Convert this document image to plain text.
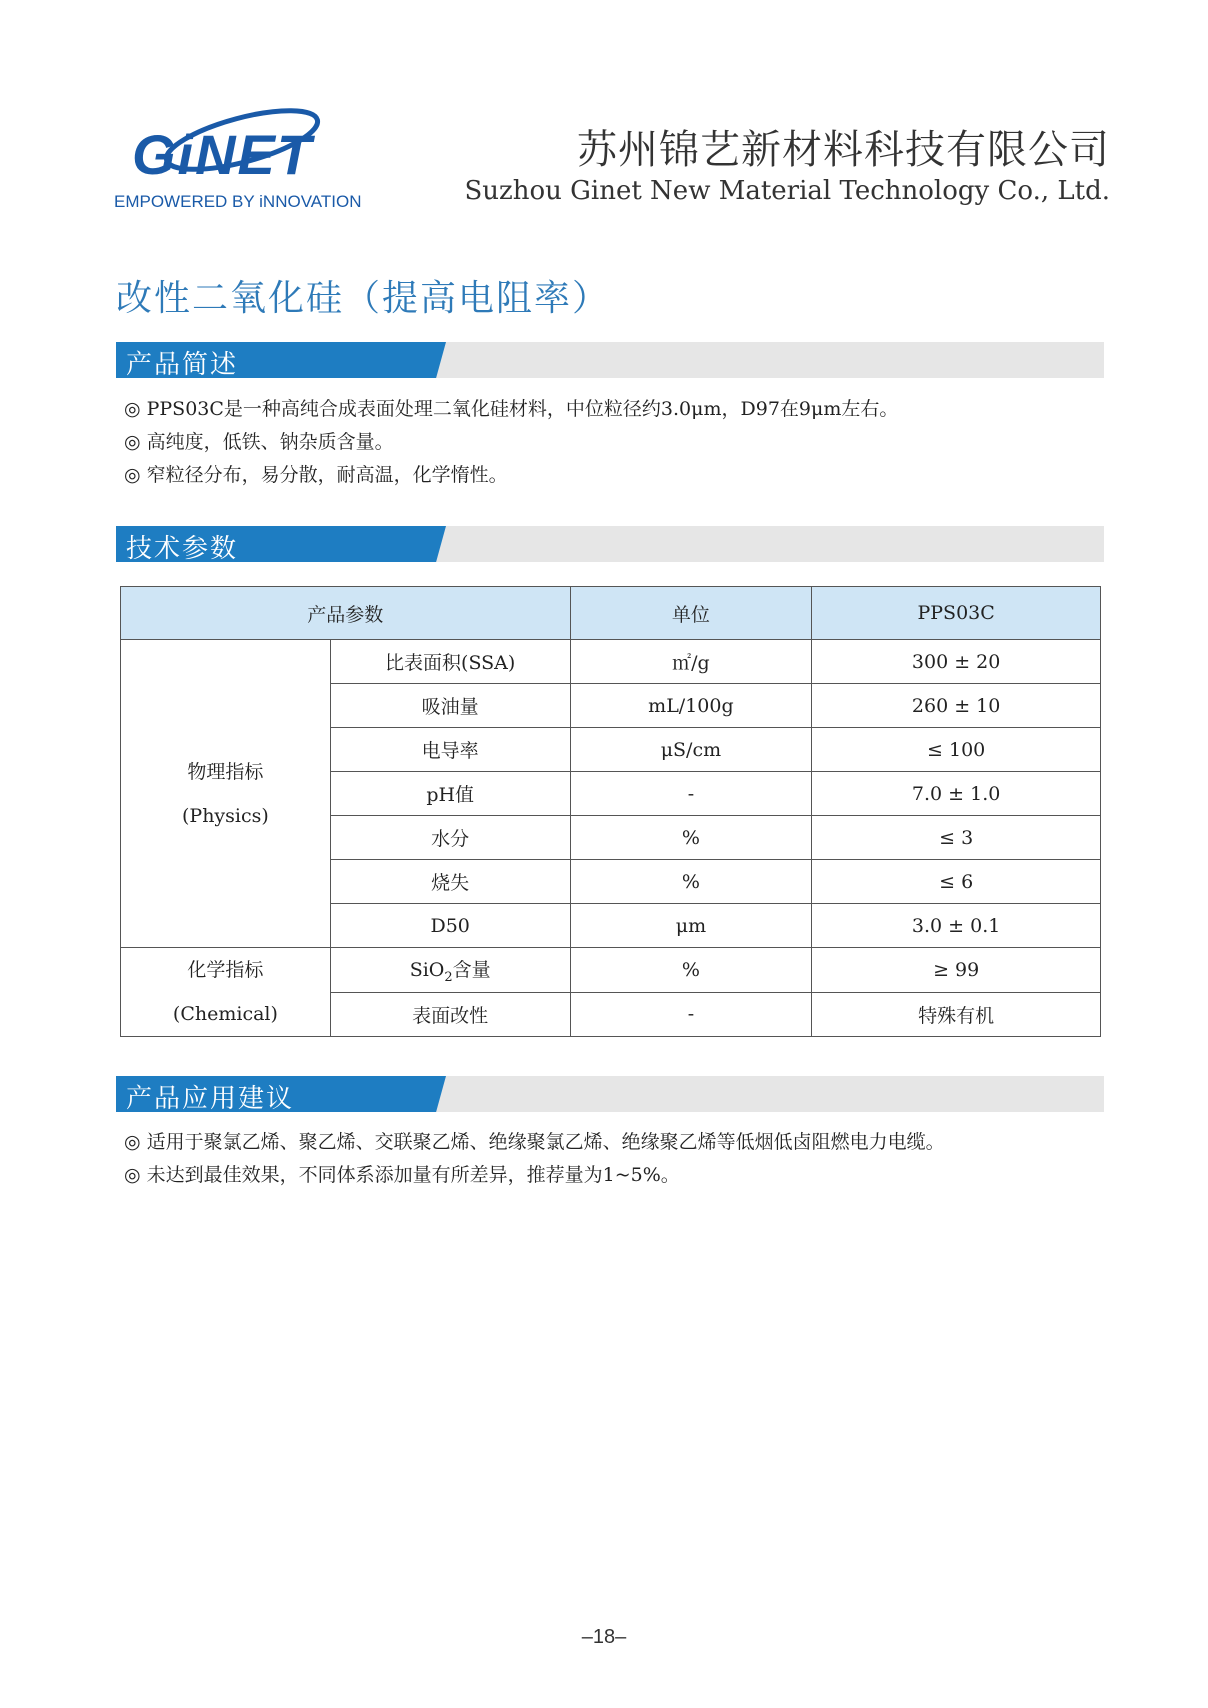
GiNET
EMPOWERED BY iNNOVATION
苏州锦艺新材料科技有限公司
Suzhou Ginet New Material Technology Co., Ltd.
改性二氧化硅（提高电阻率）
产品简述
◎ PPS03C是一种高纯合成表面处理二氧化硅材料，中位粒径约3.0μm，D97在9μm左右。
◎ 高纯度，低铁、钠杂质含量。
◎ 窄粒径分布，易分散，耐高温，化学惰性。
技术参数
产品参数		单位	PPS03C

物理指标
(Physics)	比表面积(SSA)	㎡/g	300 ± 20
	吸油量	mL/100g	260 ± 10
	电导率	μS/cm	≤ 100
	pH值	-	7.0 ± 1.0
	水分	%	≤ 3
	烧失	%	≤ 6
	D50	μm	3.0 ± 0.1

化学指标
(Chemical)	SiO$_2$含量	%	≥ 99
	表面改性	-	特殊有机
产品应用建议
◎ 适用于聚氯乙烯、聚乙烯、交联聚乙烯、绝缘聚氯乙烯、绝缘聚乙烯等低烟低卤阻燃电力电缆。
◎ 未达到最佳效果，不同体系添加量有所差异，推荐量为1~5%。
–18–
